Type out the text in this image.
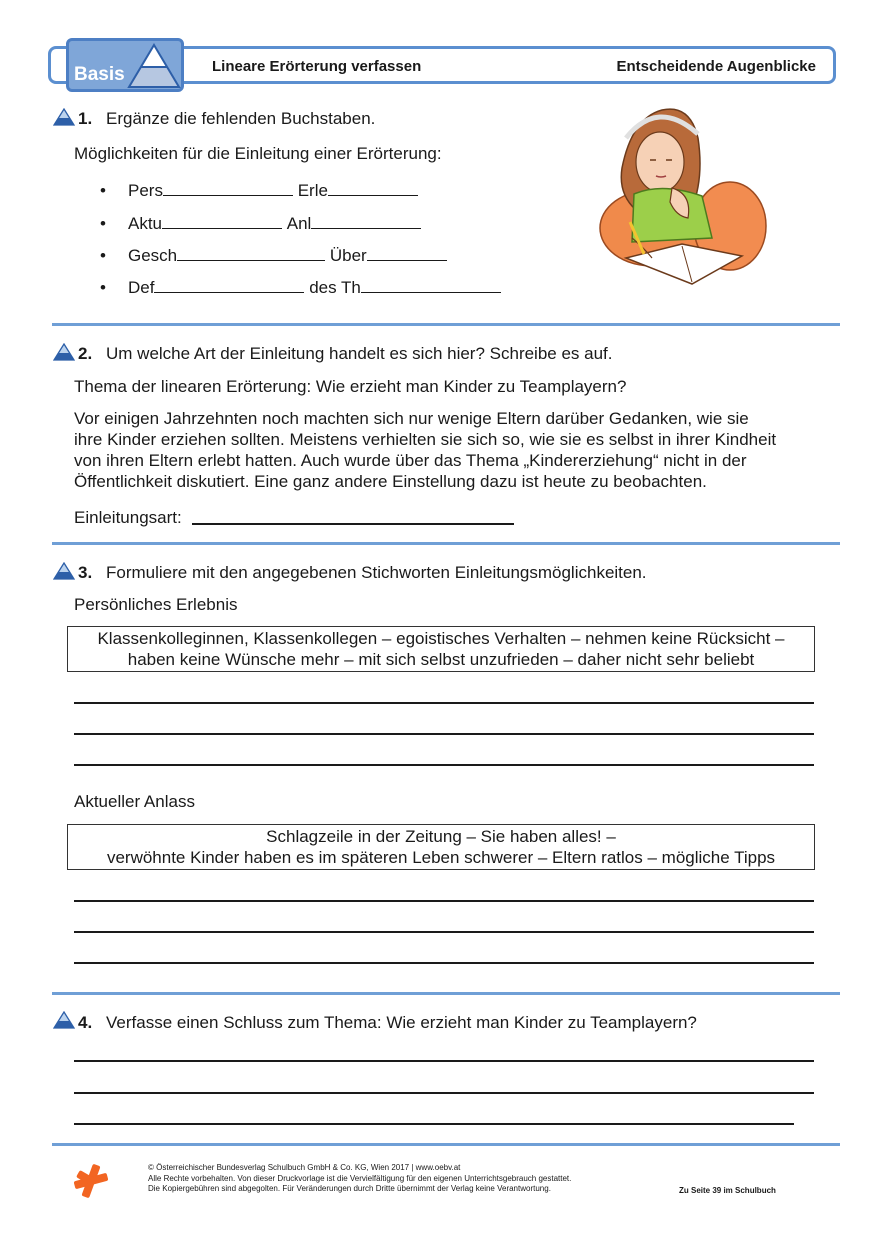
Basis	Lineare Erörterung verfassen	Entscheidende Augenblicke
1. Ergänze die fehlenden Buchstaben.
Möglichkeiten für die Einleitung einer Erörterung:
• Pers	Erle
• Aktu	Anl
• Gesch	Über
• Def	des Th
2. Um welche Art der Einleitung handelt es sich hier? Schreibe es auf.
Thema der linearen Erörterung: Wie erzieht man Kinder zu Teamplayern?
Vor einigen Jahrzehnten noch machten sich nur wenige Eltern darüber Gedanken, wie sie
ihre Kinder erziehen sollten. Meistens verhielten sie sich so, wie sie es selbst in ihrer Kindheit
von ihren Eltern erlebt hatten. Auch wurde über das Thema „Kindererziehung“ nicht in der
Öffentlichkeit diskutiert. Eine ganz andere Einstellung dazu ist heute zu beobachten.
Einleitungsart:
3. Formuliere mit den angegebenen Stichworten Einleitungsmöglichkeiten.
Persönliches Erlebnis
Klassenkolleginnen, Klassenkollegen – egoistisches Verhalten – nehmen keine Rücksicht –
haben keine Wünsche mehr – mit sich selbst unzufrieden – daher nicht sehr beliebt
Aktueller Anlass
Schlagzeile in der Zeitung – Sie haben alles! –
verwöhnte Kinder haben es im späteren Leben schwerer – Eltern ratlos – mögliche Tipps
4. Verfasse einen Schluss zum Thema: Wie erzieht man Kinder zu Teamplayern?
© Österreichischer Bundesverlag Schulbuch GmbH & Co. KG, Wien 2017 | www.oebv.at
Alle Rechte vorbehalten. Von dieser Druckvorlage ist die Vervielfältigung für den eigenen Unterrichtsgebrauch gestattet.
Die Kopiergebühren sind abgegolten. Für Veränderungen durch Dritte übernimmt der Verlag keine Verantwortung.	Zu Seite 39 im Schulbuch
